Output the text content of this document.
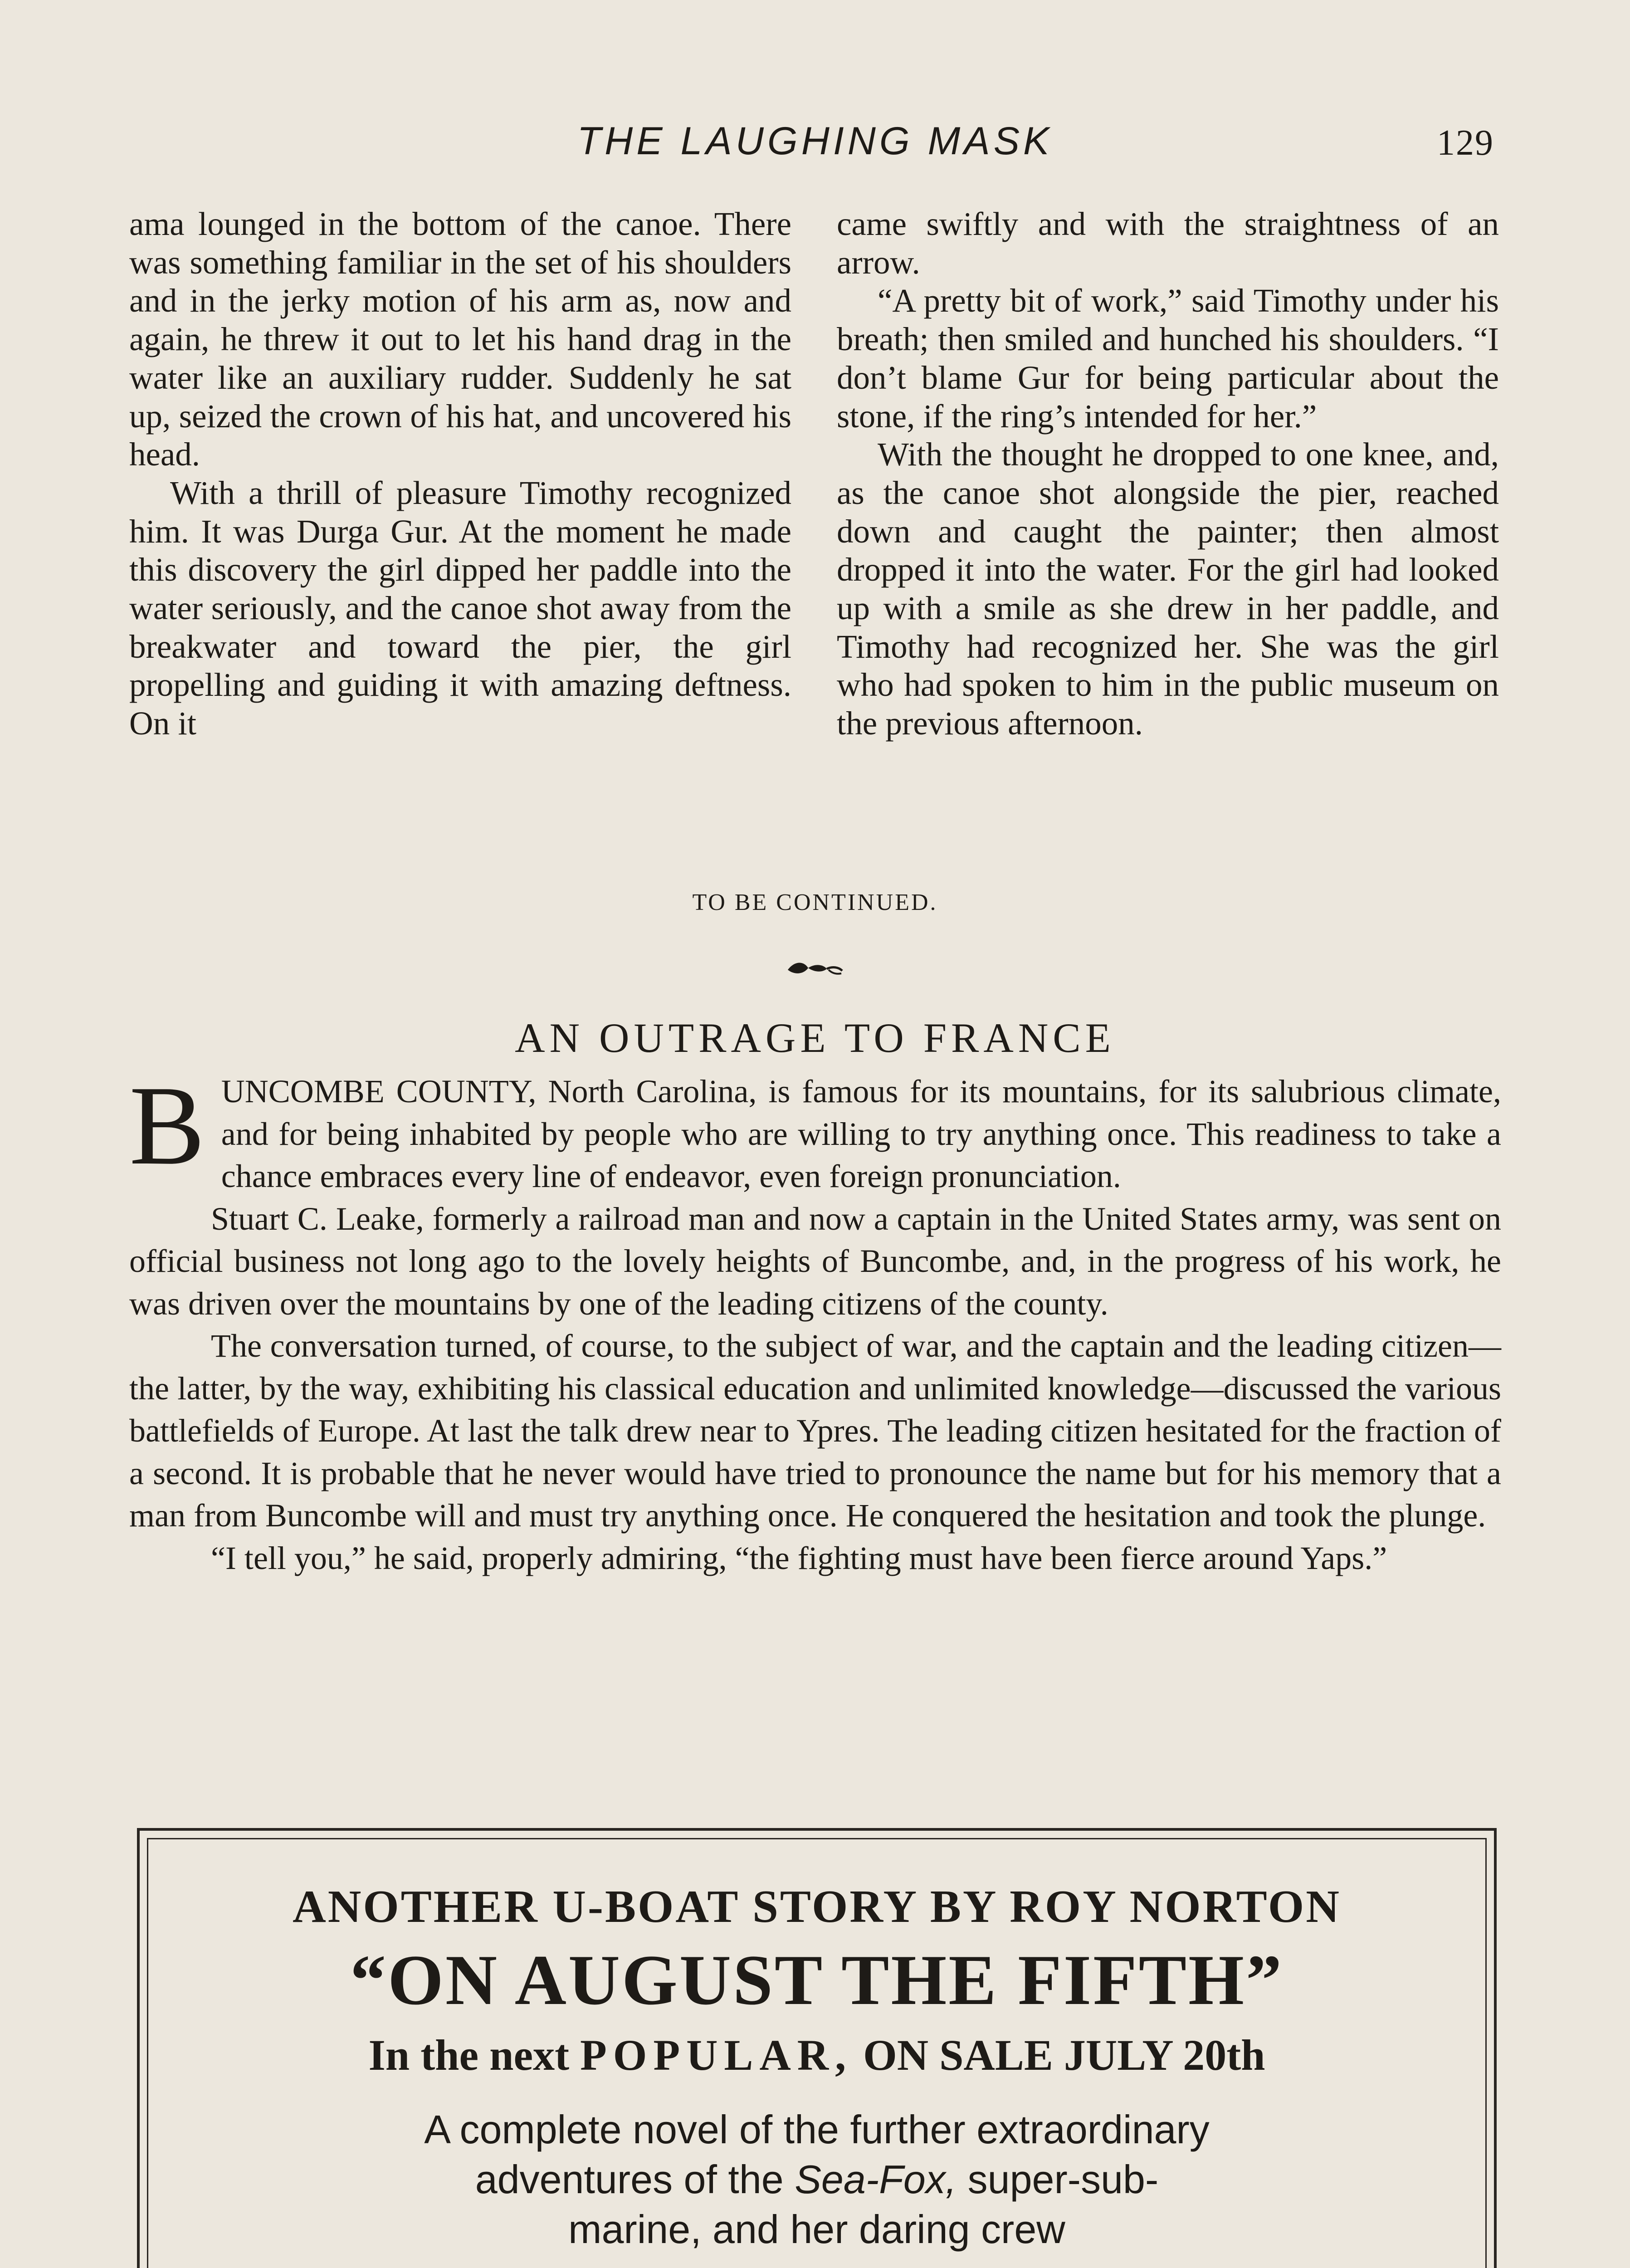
THE LAUGHING MASK	129

ama lounged in the bottom of the canoe. There was something familiar in the set of his shoulders and in the jerky motion of his arm as, now and again, he threw it out to let his hand drag in the water like an auxiliary rudder. Suddenly he sat up, seized the crown of his hat, and uncovered his head.

With a thrill of pleasure Timothy recognized him. It was Durga Gur. At the moment he made this discovery the girl dipped her paddle into the water seriously, and the canoe shot away from the breakwater and toward the pier, the girl propelling and guiding it with amazing deftness. On it

came swiftly and with the straightness of an arrow.

“A pretty bit of work,” said Timothy under his breath; then smiled and hunched his shoulders. “I don’t blame Gur for being particular about the stone, if the ring’s intended for her.”

With the thought he dropped to one knee, and, as the canoe shot alongside the pier, reached down and caught the painter; then almost dropped it into the water. For the girl had looked up with a smile as she drew in her paddle, and Timothy had recognized her. She was the girl who had spoken to him in the public museum on the previous afternoon.

TO BE CONTINUED.
AN OUTRAGE TO FRANCE

BUNCOMBE COUNTY, North Carolina, is famous for its mountains, for its salubrious climate, and for being inhabited by people who are willing to try anything once. This readiness to take a chance embraces every line of endeavor, even foreign pronunciation.

Stuart C. Leake, formerly a railroad man and now a captain in the United States army, was sent on official business not long ago to the lovely heights of Buncombe, and, in the progress of his work, he was driven over the mountains by one of the leading citizens of the county.

The conversation turned, of course, to the subject of war, and the captain and the leading citizen—the latter, by the way, exhibiting his classical education and unlimited knowledge—discussed the various battlefields of Europe. At last the talk drew near to Ypres. The leading citizen hesitated for the fraction of a second. It is probable that he never would have tried to pronounce the name but for his memory that a man from Buncombe will and must try anything once. He conquered the hesitation and took the plunge.

“I tell you,” he said, properly admiring, “the fighting must have been fierce around Yaps.”

ANOTHER U-BOAT STORY BY ROY NORTON
“ON AUGUST THE FIFTH”
In the next POPULAR, ON SALE JULY 20th
A complete novel of the further extraordinary
adventures of the Sea-Fox, super-sub-
marine, and her daring crew
